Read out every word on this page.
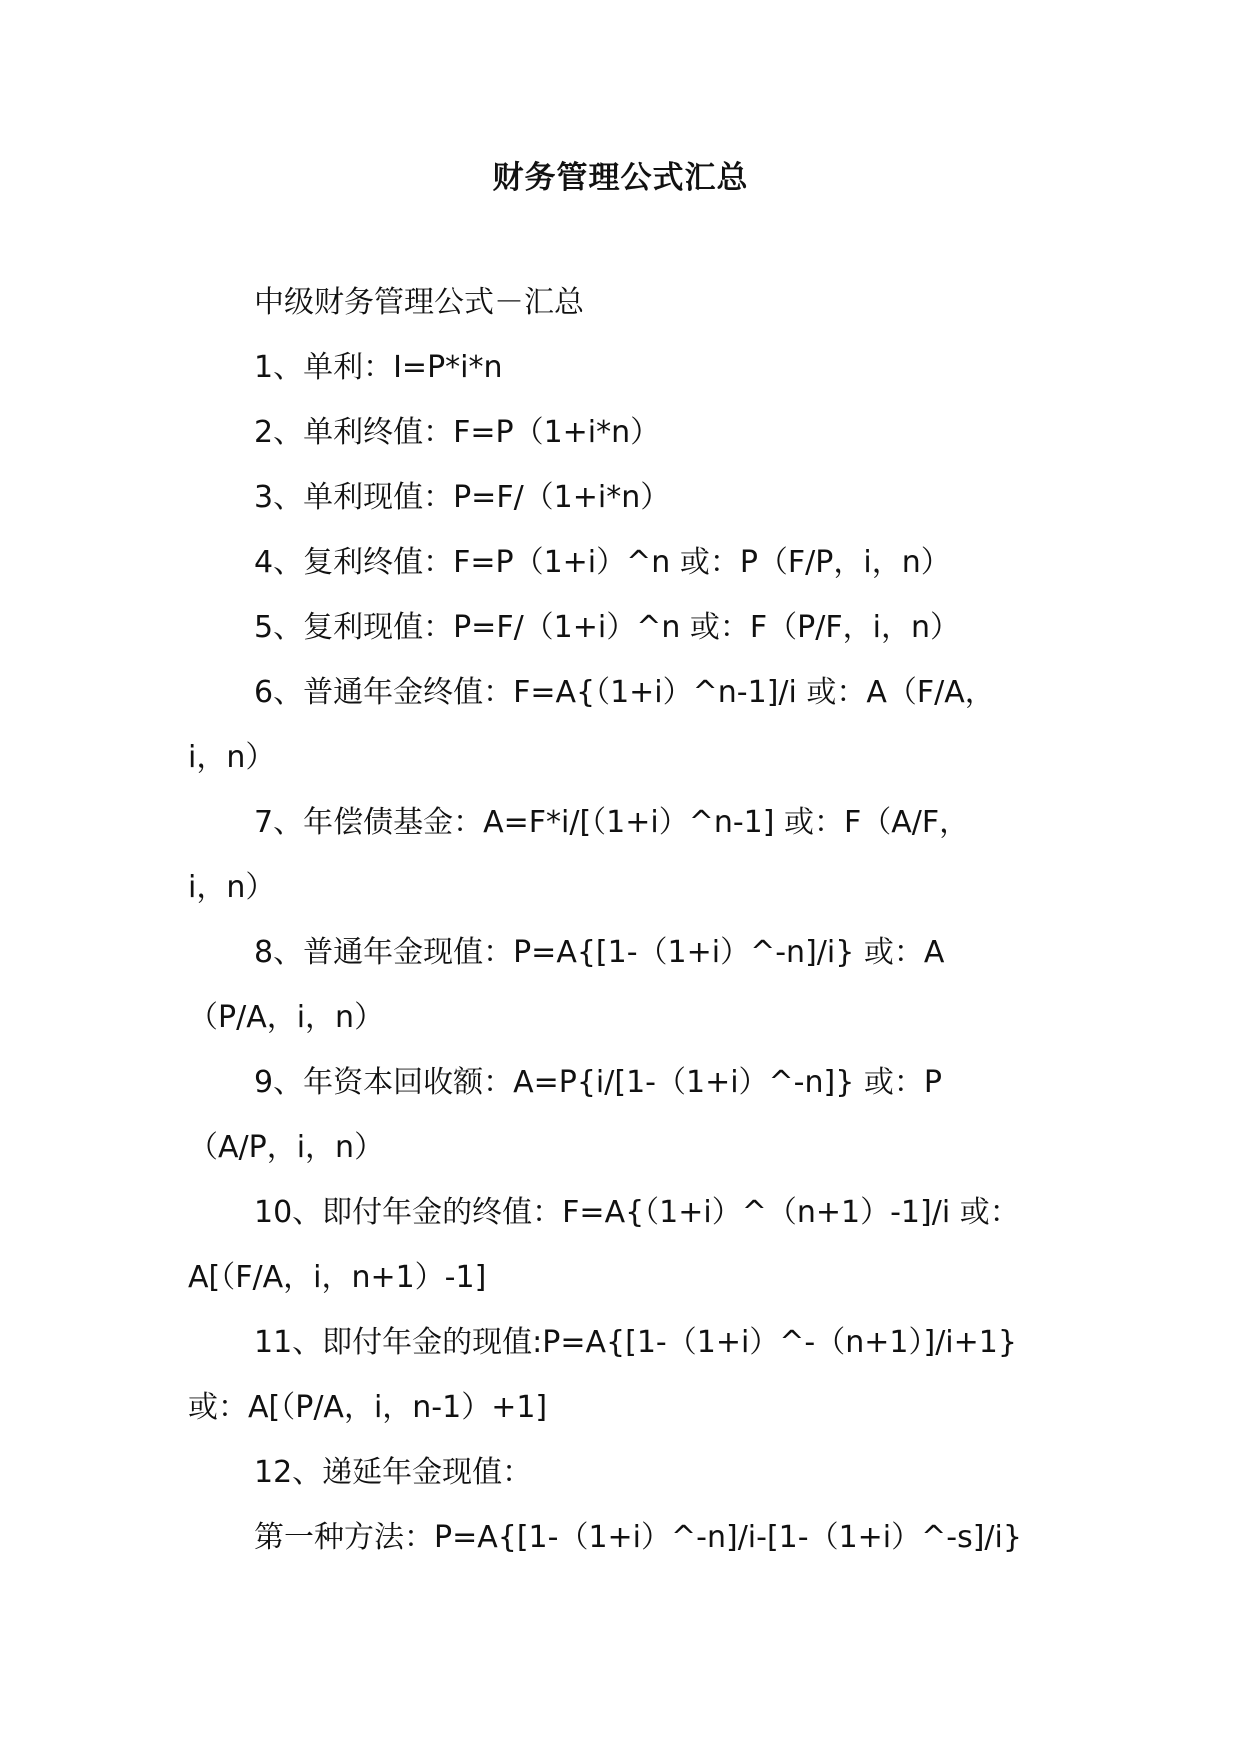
财务管理公式汇总

中级财务管理公式－汇总

1、单利：I=P*i*n

2、单利终值：F=P（1+i*n）

3、单利现值：P=F/（1+i*n）

4、复利终值：F=P（1+i）^n 或：P（F/P，i，n）

5、复利现值：P=F/（1+i）^n 或：F（P/F，i，n）

6、普通年金终值：F=A{（1+i）^n-1]/i 或：A（F/A，
i，n）

7、年偿债基金：A=F*i/[（1+i）^n-1] 或：F（A/F，
i，n）

8、普通年金现值：P=A{[1-（1+i）^-n]/i} 或：A
（P/A，i，n）

9、年资本回收额：A=P{i/[1-（1+i）^-n]} 或：P
（A/P，i，n）

10、即付年金的终值：F=A{（1+i）^（n+1）-1]/i 或：
A[（F/A，i，n+1）-1]

11、即付年金的现值:P=A{[1-（1+i）^-（n+1）]/i+1}
或：A[（P/A，i，n-1）+1]

12、递延年金现值：

第一种方法：P=A{[1-（1+i）^-n]/i-[1-（1+i）^-s]/i}
